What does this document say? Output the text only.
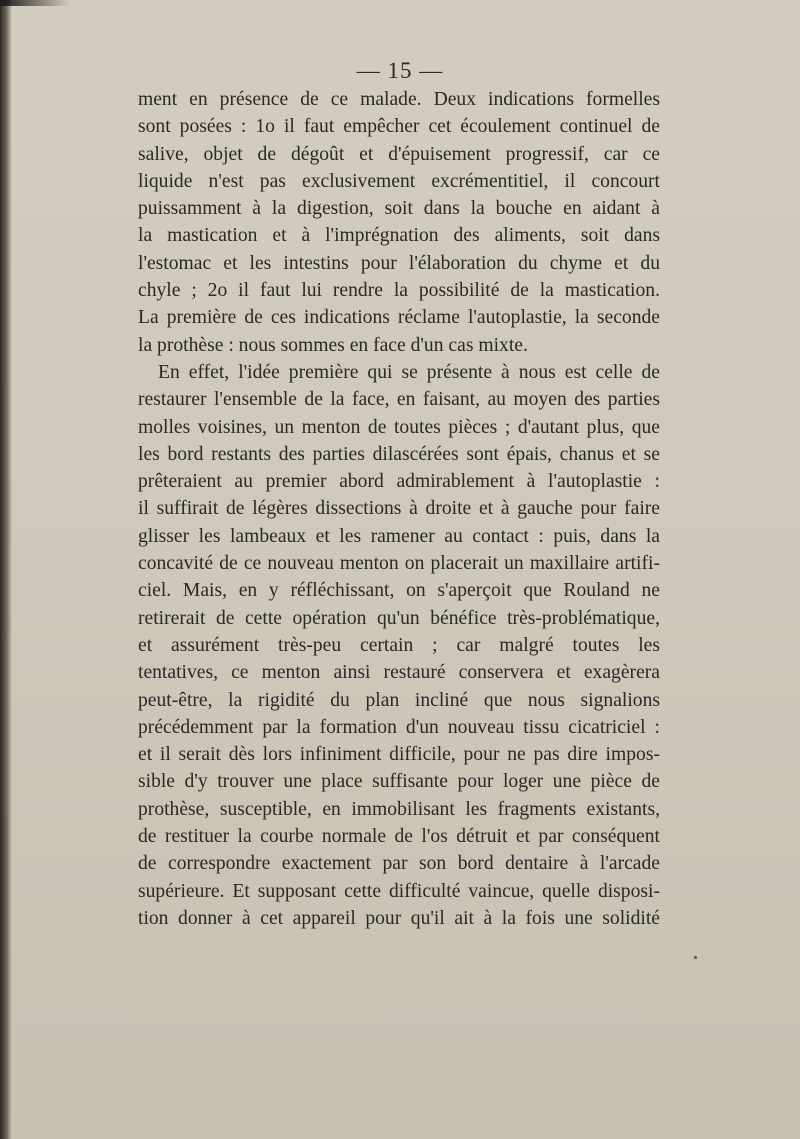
— 15 —
ment en présence de ce malade. Deux indications formelles
sont posées : 1o il faut empêcher cet écoulement continuel de
salive, objet de dégoût et d'épuisement progressif, car ce
liquide n'est pas exclusivement excrémentitiel, il concourt
puissamment à la digestion, soit dans la bouche en aidant à
la mastication et à l'imprégnation des aliments, soit dans
l'estomac et les intestins pour l'élaboration du chyme et du
chyle ; 2o il faut lui rendre la possibilité de la mastication.
La première de ces indications réclame l'autoplastie, la seconde
la prothèse : nous sommes en face d'un cas mixte.
En effet, l'idée première qui se présente à nous est celle de
restaurer l'ensemble de la face, en faisant, au moyen des parties
molles voisines, un menton de toutes pièces ; d'autant plus, que
les bord restants des parties dilascérées sont épais, chanus et se
prêteraient au premier abord admirablement à l'autoplastie :
il suffirait de légères dissections à droite et à gauche pour faire
glisser les lambeaux et les ramener au contact : puis, dans la
concavité de ce nouveau menton on placerait un maxillaire artifi-
ciel. Mais, en y réfléchissant, on s'aperçoit que Rouland ne
retirerait de cette opération qu'un bénéfice très-problématique,
et assurément très-peu certain ; car malgré toutes les
tentatives, ce menton ainsi restauré conservera et exagèrera
peut-être, la rigidité du plan incliné que nous signalions
précédemment par la formation d'un nouveau tissu cicatriciel :
et il serait dès lors infiniment difficile, pour ne pas dire impos-
sible d'y trouver une place suffisante pour loger une pièce de
prothèse, susceptible, en immobilisant les fragments existants,
de restituer la courbe normale de l'os détruit et par conséquent
de correspondre exactement par son bord dentaire à l'arcade
supérieure. Et supposant cette difficulté vaincue, quelle disposi-
tion donner à cet appareil pour qu'il ait à la fois une solidité
